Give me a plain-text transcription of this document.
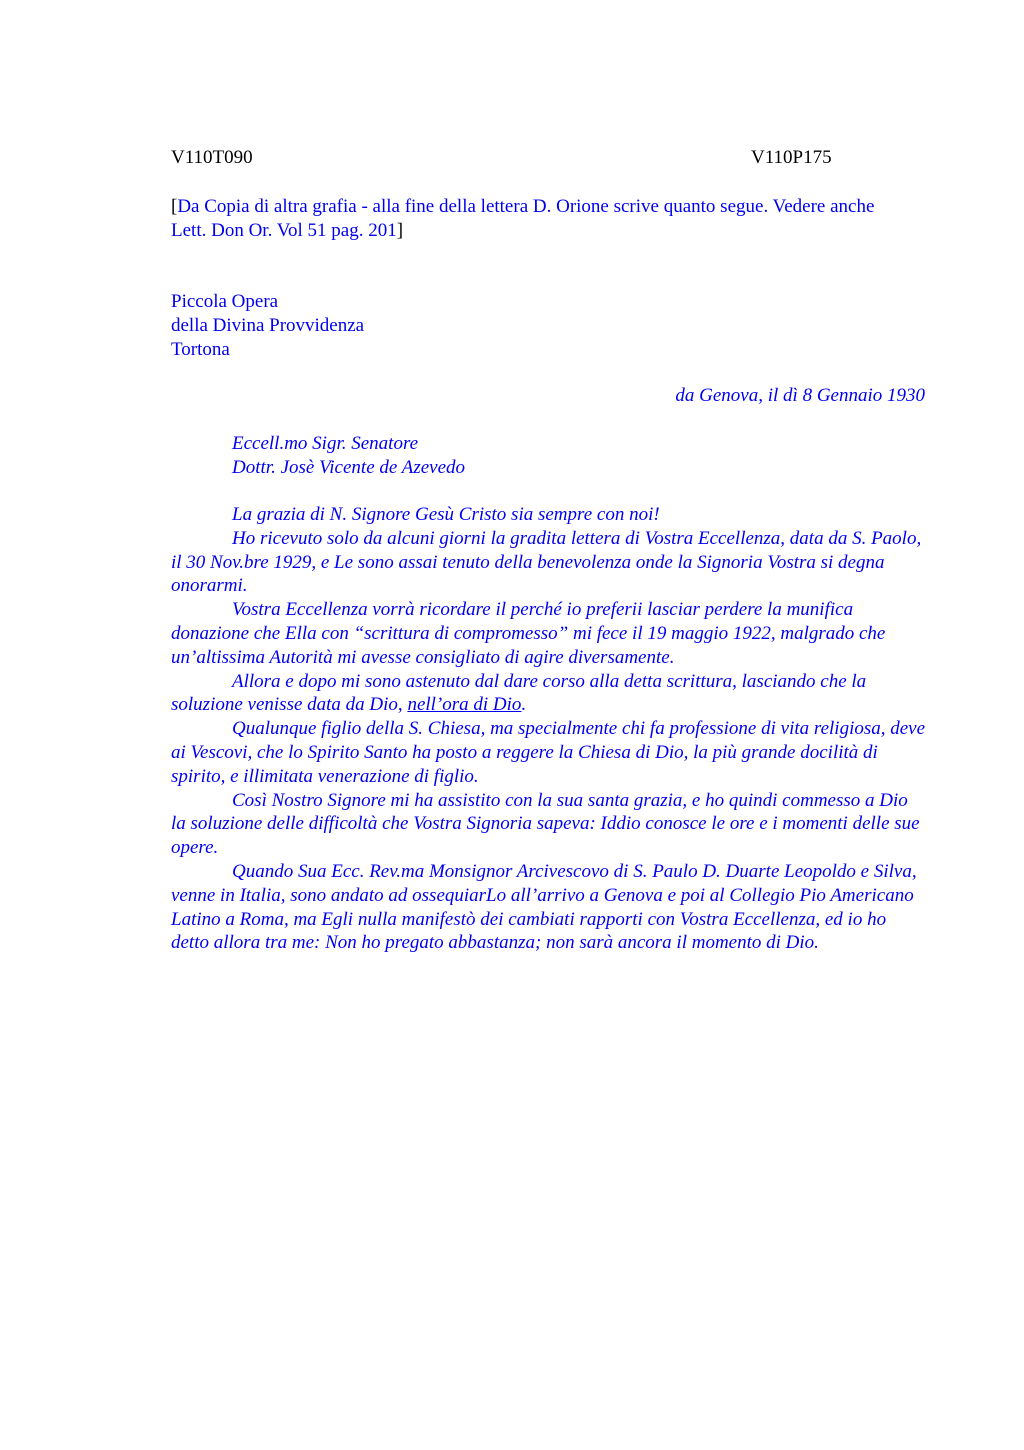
V110T090	V110P175
[Da Copia di altra grafia - alla fine della lettera D. Orione scrive quanto segue. Vedere anche Lett. Don Or. Vol 51 pag. 201]
Piccola Opera
della Divina Provvidenza
Tortona
da Genova, il dì 8 Gennaio 1930
Eccell.mo Sigr. Senatore
Dottr. Josè Vicente de Azevedo

La grazia di N. Signore Gesù Cristo sia sempre con noi!

Ho ricevuto solo da alcuni giorni la gradita lettera di Vostra Eccellenza, data da S. Paolo, il 30 Nov.bre 1929, e Le sono assai tenuto della benevolenza onde la Signoria Vostra si degna onorarmi.

Vostra Eccellenza vorrà ricordare il perché io preferii lasciar perdere la munifica donazione che Ella con “scrittura di compromesso” mi fece il 19 maggio 1922, malgrado che un’altissima Autorità mi avesse consigliato di agire diversamente.

Allora e dopo mi sono astenuto dal dare corso alla detta scrittura, lasciando che la soluzione venisse data da Dio, nell’ora di Dio.

Qualunque figlio della S. Chiesa, ma specialmente chi fa professione di vita religiosa, deve ai Vescovi, che lo Spirito Santo ha posto a reggere la Chiesa di Dio, la più grande docilità di spirito, e illimitata venerazione di figlio.

Così Nostro Signore mi ha assistito con la sua santa grazia, e ho quindi commesso a Dio la soluzione delle difficoltà che Vostra Signoria sapeva: Iddio conosce le ore e i momenti delle sue opere.

Quando Sua Ecc. Rev.ma Monsignor Arcivescovo di S. Paulo D. Duarte Leopoldo e Silva, venne in Italia, sono andato ad ossequiarLo all’arrivo a Genova e poi al Collegio Pio Americano Latino a Roma, ma Egli nulla manifestò dei cambiati rapporti con Vostra Eccellenza, ed io ho detto allora tra me: Non ho pregato abbastanza; non sarà ancora il momento di Dio.
